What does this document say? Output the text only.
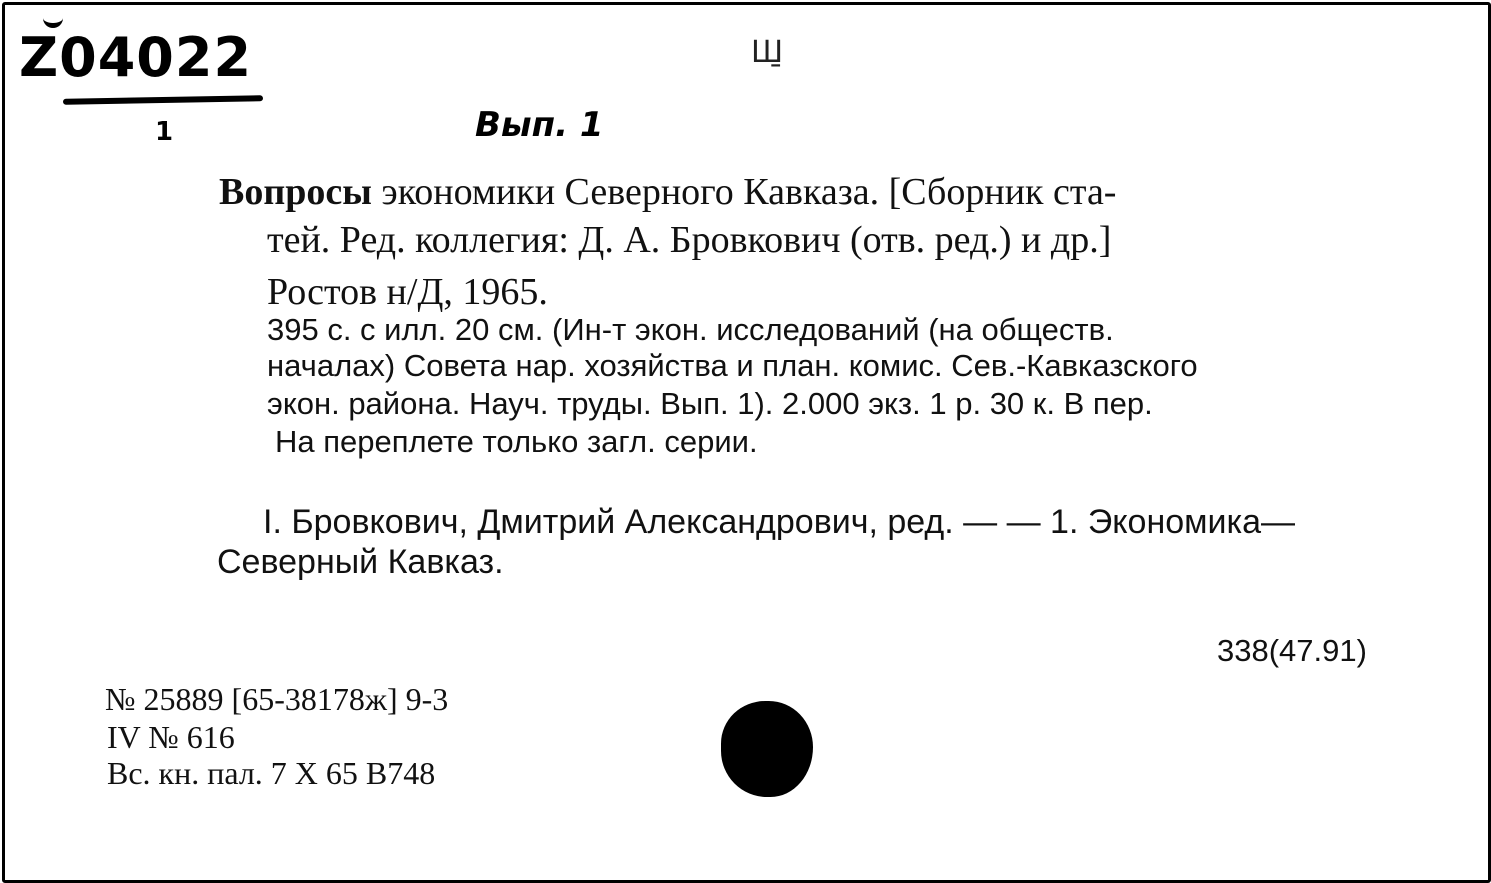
Z04022
1	Вып. 1
Ш̱
Вопросы экономики Северного Кавказа. [Сборник ста-
тей. Ред. коллегия: Д. А. Бровкович (отв. ред.) и др.]
Ростов н/Д, 1965.
395 с. с илл. 20 см. (Ин-т экон. исследований (на обществ.
началах) Совета нар. хозяйства и план. комис. Сев.-Кавказского
экон. района. Науч. труды. Вып. 1). 2.000 экз. 1 р. 30 к. В пер.
На переплете только загл. серии.
I. Бровкович, Дмитрий Александрович, ред. — — 1. Экономика—
Северный Кавказ.
338(47.91)
№ 25889 [65-38178ж] 9-3
IV № 616
Вс. кн. пал. 7 X 65 В748
